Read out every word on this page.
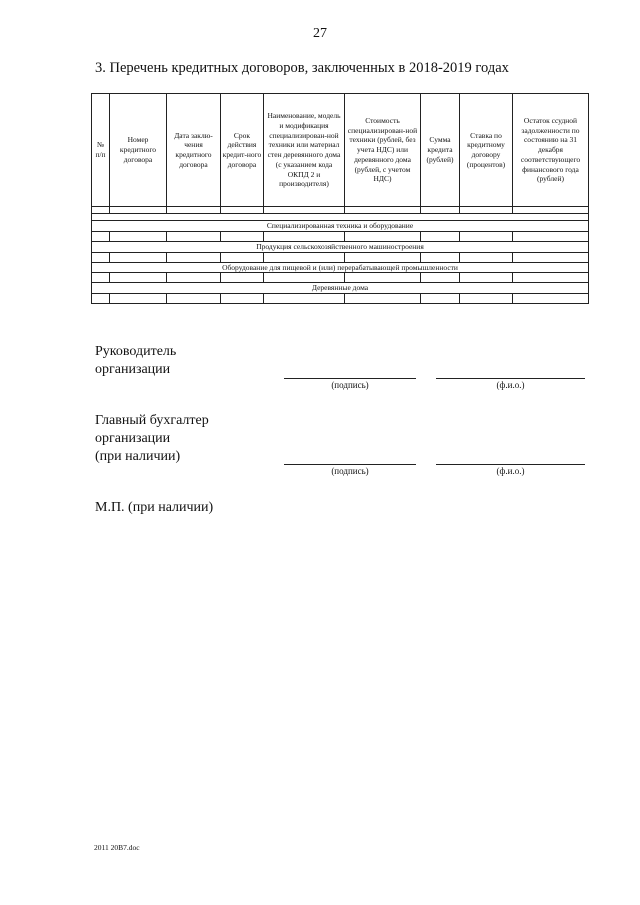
27
3. Перечень кредитных договоров, заключенных в 2018-2019 годах
№ п/п	Номер кредитного договора	Дата заклю-чения кредитного договора	Срок действия кредит-ного договора	Наименование, модель и модификация специализирован-ной техники или материал стен деревянного дома (с указанием кода ОКПД 2 и производителя)	Стоимость специализирован-ной техники (рублей, без учета НДС) или деревянного дома (рублей, с учетом НДС)	Сумма кредита (рублей)	Ставка по кредитному договору (процентов)	Остаток ссудной задолженности по состоянию на 31 декабря соответствующего финансового года (рублей)

Специализированная техника и оборудование								

Продукция сельскохозяйственного машиностроения								

Оборудование для пищевой и (или) перерабатывающей промышленности								

Деревянные дома								

Руководитель
организации
(подпись)	(ф.и.о.)
Главный бухгалтер
организации
(при наличии)
(подпись)	(ф.и.о.)
М.П. (при наличии)
2011 20B7.doc
